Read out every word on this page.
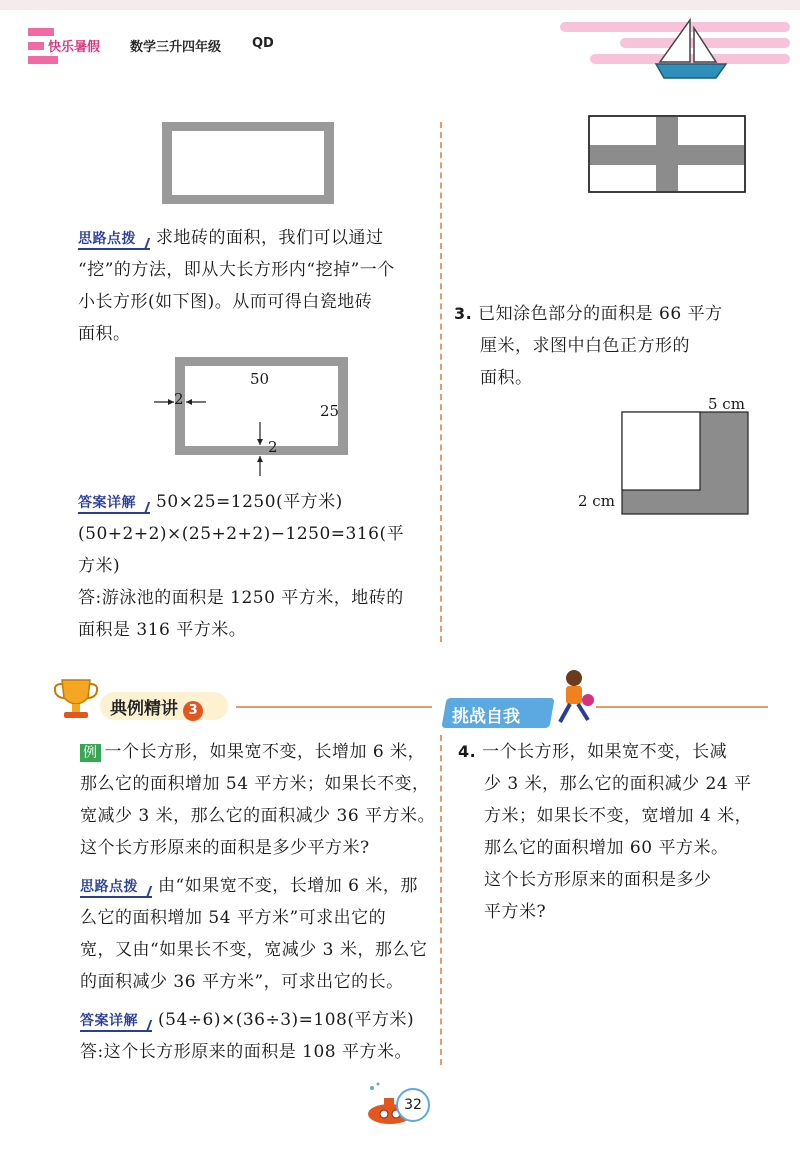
快乐暑假 数学三升四年级 QD
思路点拨 求地砖的面积，我们可以通过
“挖”的方法，即从大长方形内“挖掉”一个
小长方形(如下图)。从而可得白瓷地砖
面积。
50
25
2
2
答案详解 50×25=1250(平方米)
(50+2+2)×(25+2+2)−1250=316(平
方米)
答:游泳池的面积是 1250 平方米，地砖的
面积是 316 平方米。
3. 已知涂色部分的面积是 66 平方
厘米，求图中白色正方形的
面积。
5 cm
2 cm
典例精讲 3	挑战自我
例 一个长方形，如果宽不变，长增加 6 米，
那么它的面积增加 54 平方米；如果长不变，
宽减少 3 米，那么它的面积减少 36 平方米。
这个长方形原来的面积是多少平方米?
思路点拨 由“如果宽不变，长增加 6 米，那
么它的面积增加 54 平方米”可求出它的
宽，又由“如果长不变，宽减少 3 米，那么它
的面积减少 36 平方米”，可求出它的长。
答案详解 (54÷6)×(36÷3)=108(平方米)
答:这个长方形原来的面积是 108 平方米。
4. 一个长方形，如果宽不变，长减
少 3 米，那么它的面积减少 24 平
方米；如果长不变，宽增加 4 米，
那么它的面积增加 60 平方米。
这个长方形原来的面积是多少
平方米?
32
